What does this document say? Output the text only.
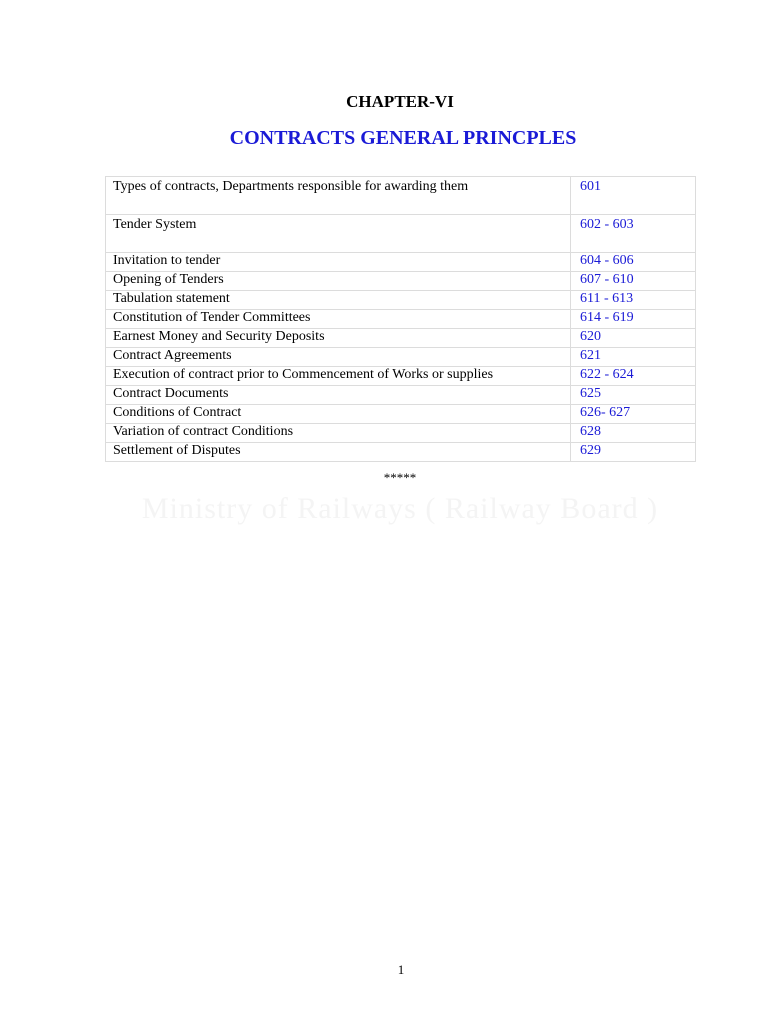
CHAPTER-VI
CONTRACTS GENERAL PRINCPLES
Types of contracts, Departments responsible for awarding them	601
Tender System	602 - 603
Invitation to tender	604 - 606
Opening of Tenders	607 - 610
Tabulation statement	611 - 613
Constitution of Tender Committees	614 - 619
Earnest Money and Security Deposits	620
Contract Agreements	621
Execution of contract prior to Commencement of Works or supplies	622 - 624
Contract Documents	625
Conditions of Contract	626- 627
Variation of contract Conditions	628
Settlement of Disputes	629
*****
Ministry of Railways ( Railway Board )
1
